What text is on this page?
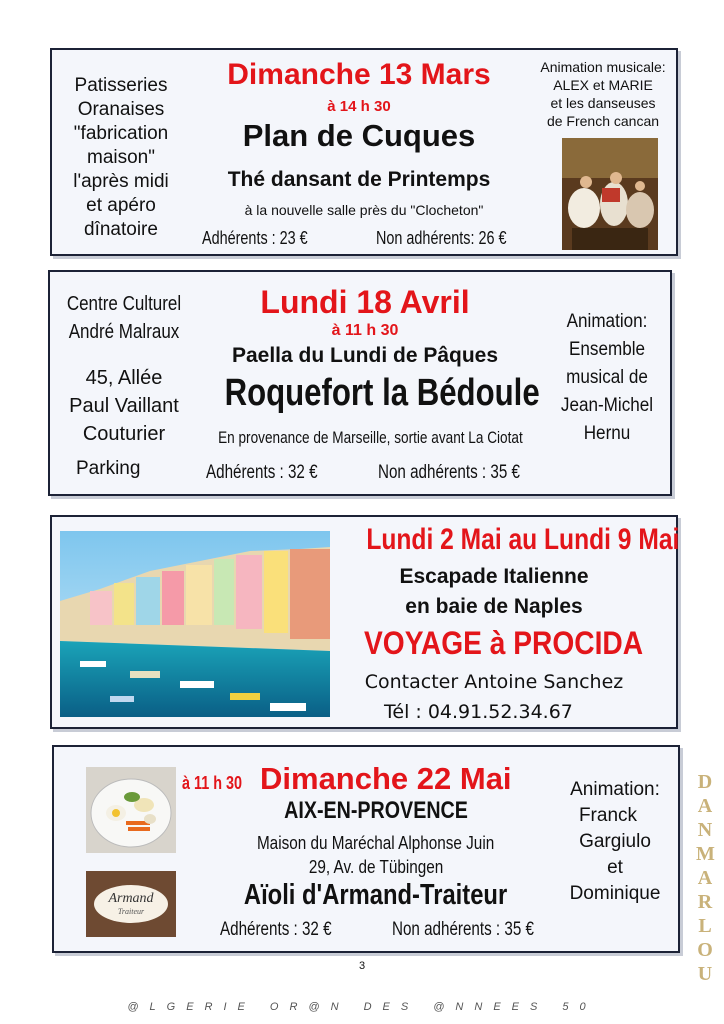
Patisseries
Oranaises
"fabrication
maison"
l'après midi
et apéro
dînatoire
Dimanche 13 Mars
à 14 h 30
Plan de Cuques
Thé dansant de Printemps
à la nouvelle salle près du "Clocheton"
Adhérents : 23 €	Non adhérents: 26 €
Animation musicale:
ALEX et MARIE
et les danseuses
de French cancan
Centre Culturel
André Malraux
45, Allée
Paul Vaillant
Couturier
Parking
Lundi 18 Avril
à 11 h 30
Paella du Lundi de Pâques
Roquefort la Bédoule
En provenance de Marseille, sortie avant La Ciotat
Adhérents : 32 €	Non adhérents : 35 €
Animation:
Ensemble
musical de
Jean-Michel
Hernu
Lundi 2 Mai au Lundi 9 Mai
Escapade Italienne
en baie de Naples
VOYAGE à PROCIDA
Contacter Antoine Sanchez
Tél : 04.91.52.34.67
Armand
Traiteur
à 11 h 30 Dimanche 22 Mai
AIX-EN-PROVENCE
Maison du Maréchal Alphonse Juin
29, Av. de Tübingen
Aïoli d'Armand-Traiteur
Adhérents : 32 €	Non adhérents : 35 €
Animation:
Franck
Gargiulo
et
Dominique
3
DANMARLOU
@LGERIE OR@N DES @NNEES 50
